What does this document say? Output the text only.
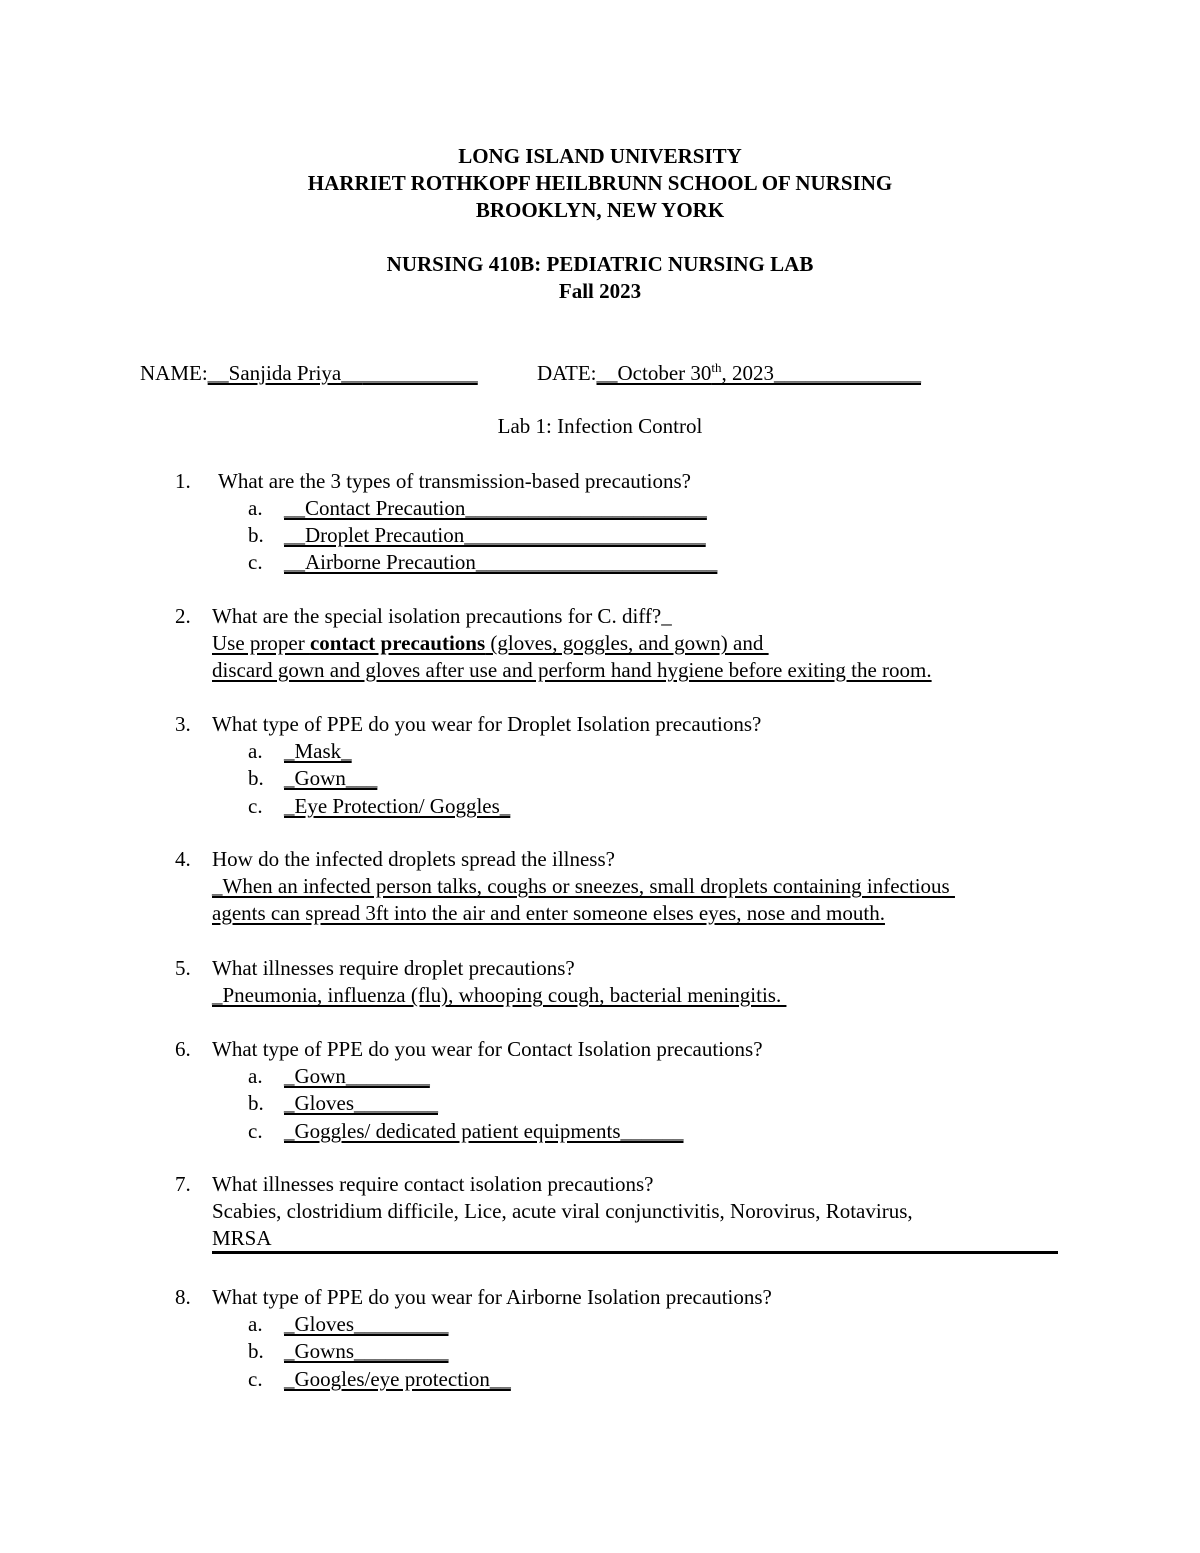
LONG ISLAND UNIVERSITY
HARRIET ROTHKOPF HEILBRUNN SCHOOL OF NURSING
BROOKLYN, NEW YORK
NURSING 410B: PEDIATRIC NURSING LAB
Fall 2023
NAME:__Sanjida Priya_____________	DATE:__October 30th, 2023______________
Lab 1: Infection Control
1. What are the 3 types of transmission-based precautions?
a. __Contact Precaution_______________________
b. __Droplet Precaution_______________________
c. __Airborne Precaution_______________________
2. What are the special isolation precautions for C. diff?_
Use proper contact precautions (gloves, goggles, and gown) and
discard gown and gloves after use and perform hand hygiene before exiting the room.
3. What type of PPE do you wear for Droplet Isolation precautions?
a. _Mask_
b. _Gown___
c. _Eye Protection/ Goggles_
4. How do the infected droplets spread the illness?
_When an infected person talks, coughs or sneezes, small droplets containing infectious
agents can spread 3ft into the air and enter someone elses eyes, nose and mouth.
5. What illnesses require droplet precautions?
_Pneumonia, influenza (flu), whooping cough, bacterial meningitis.
6. What type of PPE do you wear for Contact Isolation precautions?
a. _Gown________
b. _Gloves________
c. _Goggles/ dedicated patient equipments______
7. What illnesses require contact isolation precautions?
Scabies, clostridium difficile, Lice, acute viral conjunctivitis, Norovirus, Rotavirus,
MRSA
8. What type of PPE do you wear for Airborne Isolation precautions?
a. _Gloves_________
b. _Gowns_________
c. _Googles/eye protection__
